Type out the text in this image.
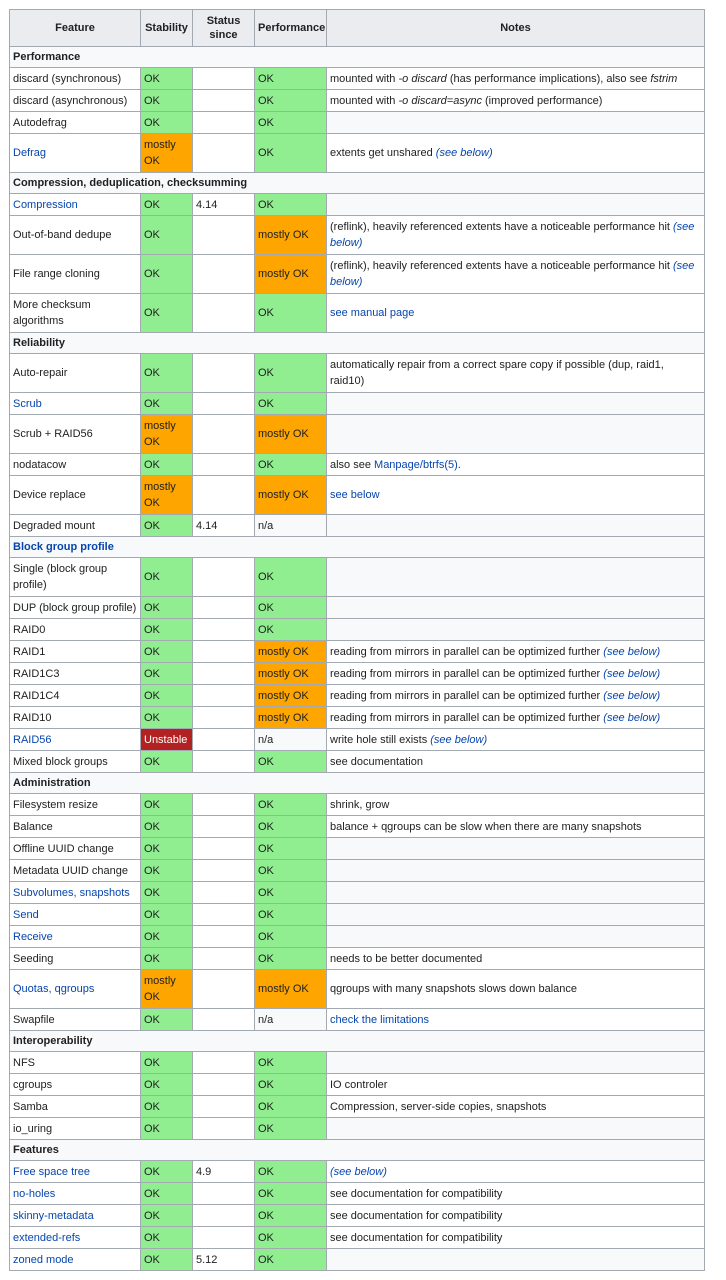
Feature	Stability	Status since	Performance	Notes
Performance				
discard (synchronous)	OK		OK	mounted with -o discard (has performance implications), also see fstrim
discard (asynchronous)	OK		OK	mounted with -o discard=async (improved performance)
Autodefrag	OK		OK	
Defrag	mostly OK		OK	extents get unshared (see below)
Compression, deduplication, checksumming				
Compression	OK	4.14	OK	
Out-of-band dedupe	OK		mostly OK	(reflink), heavily referenced extents have a noticeable performance hit (see below)
File range cloning	OK		mostly OK	(reflink), heavily referenced extents have a noticeable performance hit (see below)
More checksum algorithms	OK		OK	see manual page
Reliability				
Auto-repair	OK		OK	automatically repair from a correct spare copy if possible (dup, raid1, raid10)
Scrub	OK		OK	
Scrub + RAID56	mostly OK		mostly OK	
nodatacow	OK		OK	also see Manpage/btrfs(5).
Device replace	mostly OK		mostly OK	see below
Degraded mount	OK	4.14	n/a	
Block group profile				
Single (block group profile)	OK		OK	
DUP (block group profile)	OK		OK	
RAID0	OK		OK	
RAID1	OK		mostly OK	reading from mirrors in parallel can be optimized further (see below)
RAID1C3	OK		mostly OK	reading from mirrors in parallel can be optimized further (see below)
RAID1C4	OK		mostly OK	reading from mirrors in parallel can be optimized further (see below)
RAID10	OK		mostly OK	reading from mirrors in parallel can be optimized further (see below)
RAID56	Unstable		n/a	write hole still exists (see below)
Mixed block groups	OK		OK	see documentation
Administration				
Filesystem resize	OK		OK	shrink, grow
Balance	OK		OK	balance + qgroups can be slow when there are many snapshots
Offline UUID change	OK		OK	
Metadata UUID change	OK		OK	
Subvolumes, snapshots	OK		OK	
Send	OK		OK	
Receive	OK		OK	
Seeding	OK		OK	needs to be better documented
Quotas, qgroups	mostly OK		mostly OK	qgroups with many snapshots slows down balance
Swapfile	OK		n/a	check the limitations
Interoperability				
NFS	OK		OK	
cgroups	OK		OK	IO controler
Samba	OK		OK	Compression, server-side copies, snapshots
io_uring	OK		OK	
Features				
Free space tree	OK	4.9	OK	(see below)
no-holes	OK		OK	see documentation for compatibility
skinny-metadata	OK		OK	see documentation for compatibility
extended-refs	OK		OK	see documentation for compatibility
zoned mode	OK	5.12	OK	
